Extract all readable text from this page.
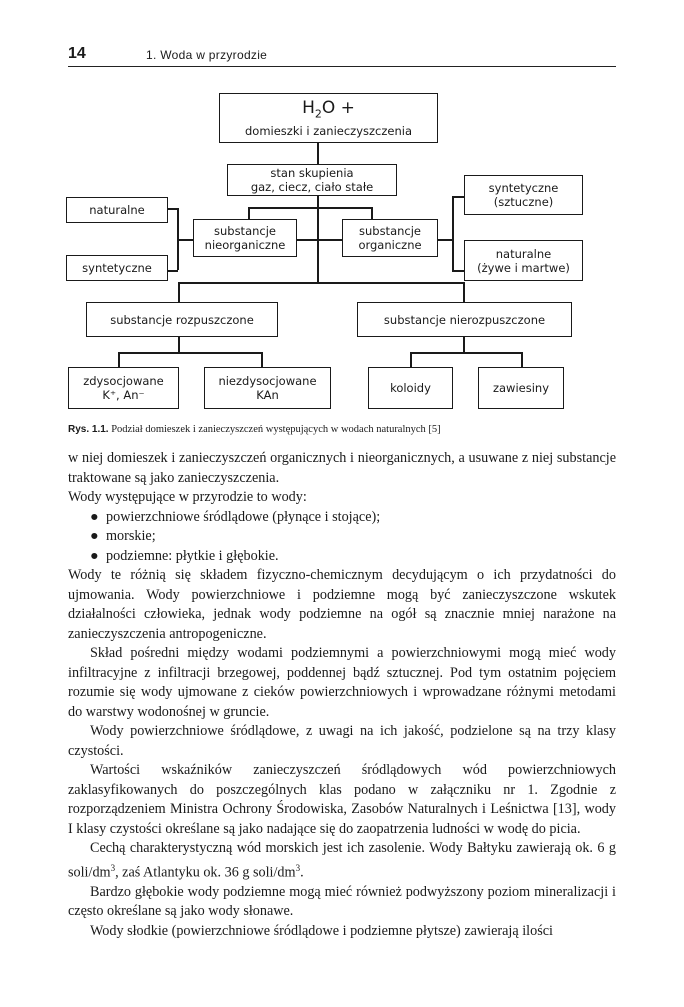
14	1. Woda w przyrodzie
$H_2O$ +
domieszki i zanieczyszczenia
stan skupienia
gaz, ciecz, ciało stałe
naturalne
syntetyczne
substancje
nieorganiczne
substancje
organiczne
syntetyczne
(sztuczne)
naturalne
(żywe i martwe)
substancje rozpuszczone	substancje nierozpuszczone
zdysocjowane
K⁺, An⁻
niezdysocjowane
KAn	koloidy	zawiesiny
Rys. 1.1. Podział domieszek i zanieczyszczeń występujących w wodach naturalnych [5]

w niej domieszek i zanieczyszczeń organicznych i nieorganicznych, a usuwane z niej substancje traktowane są jako zanieczyszczenia.

Wody występujące w przyrodzie to wody:

● powierzchniowe śródlądowe (płynące i stojące);
● morskie;
● podziemne: płytkie i głębokie.

Wody te różnią się składem fizyczno-chemicznym decydującym o ich przydatności do ujmowania. Wody powierzchniowe i podziemne mogą być zanieczyszczone wskutek działalności człowieka, jednak wody podziemne na ogół są znacznie mniej narażone na zanieczyszczenia antropogeniczne.

Skład pośredni między wodami podziemnymi a powierzchniowymi mogą mieć wody infiltracyjne z infiltracji brzegowej, poddennej bądź sztucznej. Pod tym ostatnim pojęciem rozumie się wody ujmowane z cieków powierzchniowych i wprowadzane różnymi metodami do warstwy wodonośnej w gruncie.

Wody powierzchniowe śródlądowe, z uwagi na ich jakość, podzielone są na trzy klasy czystości.

Wartości wskaźników zanieczyszczeń śródlądowych wód powierzchniowych zaklasyfikowanych do poszczególnych klas podano w załączniku nr 1. Zgodnie z rozporządzeniem Ministra Ochrony Środowiska, Zasobów Naturalnych i Leśnictwa [13], wody I klasy czystości określane są jako nadające się do zaopatrzenia ludności w wodę do picia.

Cechą charakterystyczną wód morskich jest ich zasolenie. Wody Bałtyku zawierają ok. 6 g soli/$dm^3$, zaś Atlantyku ok. 36 g soli/$dm^3$.

Bardzo głębokie wody podziemne mogą mieć również podwyższony poziom mineralizacji i często określane są jako wody słonawe.

Wody słodkie (powierzchniowe śródlądowe i podziemne płytsze) zawierają ilości
